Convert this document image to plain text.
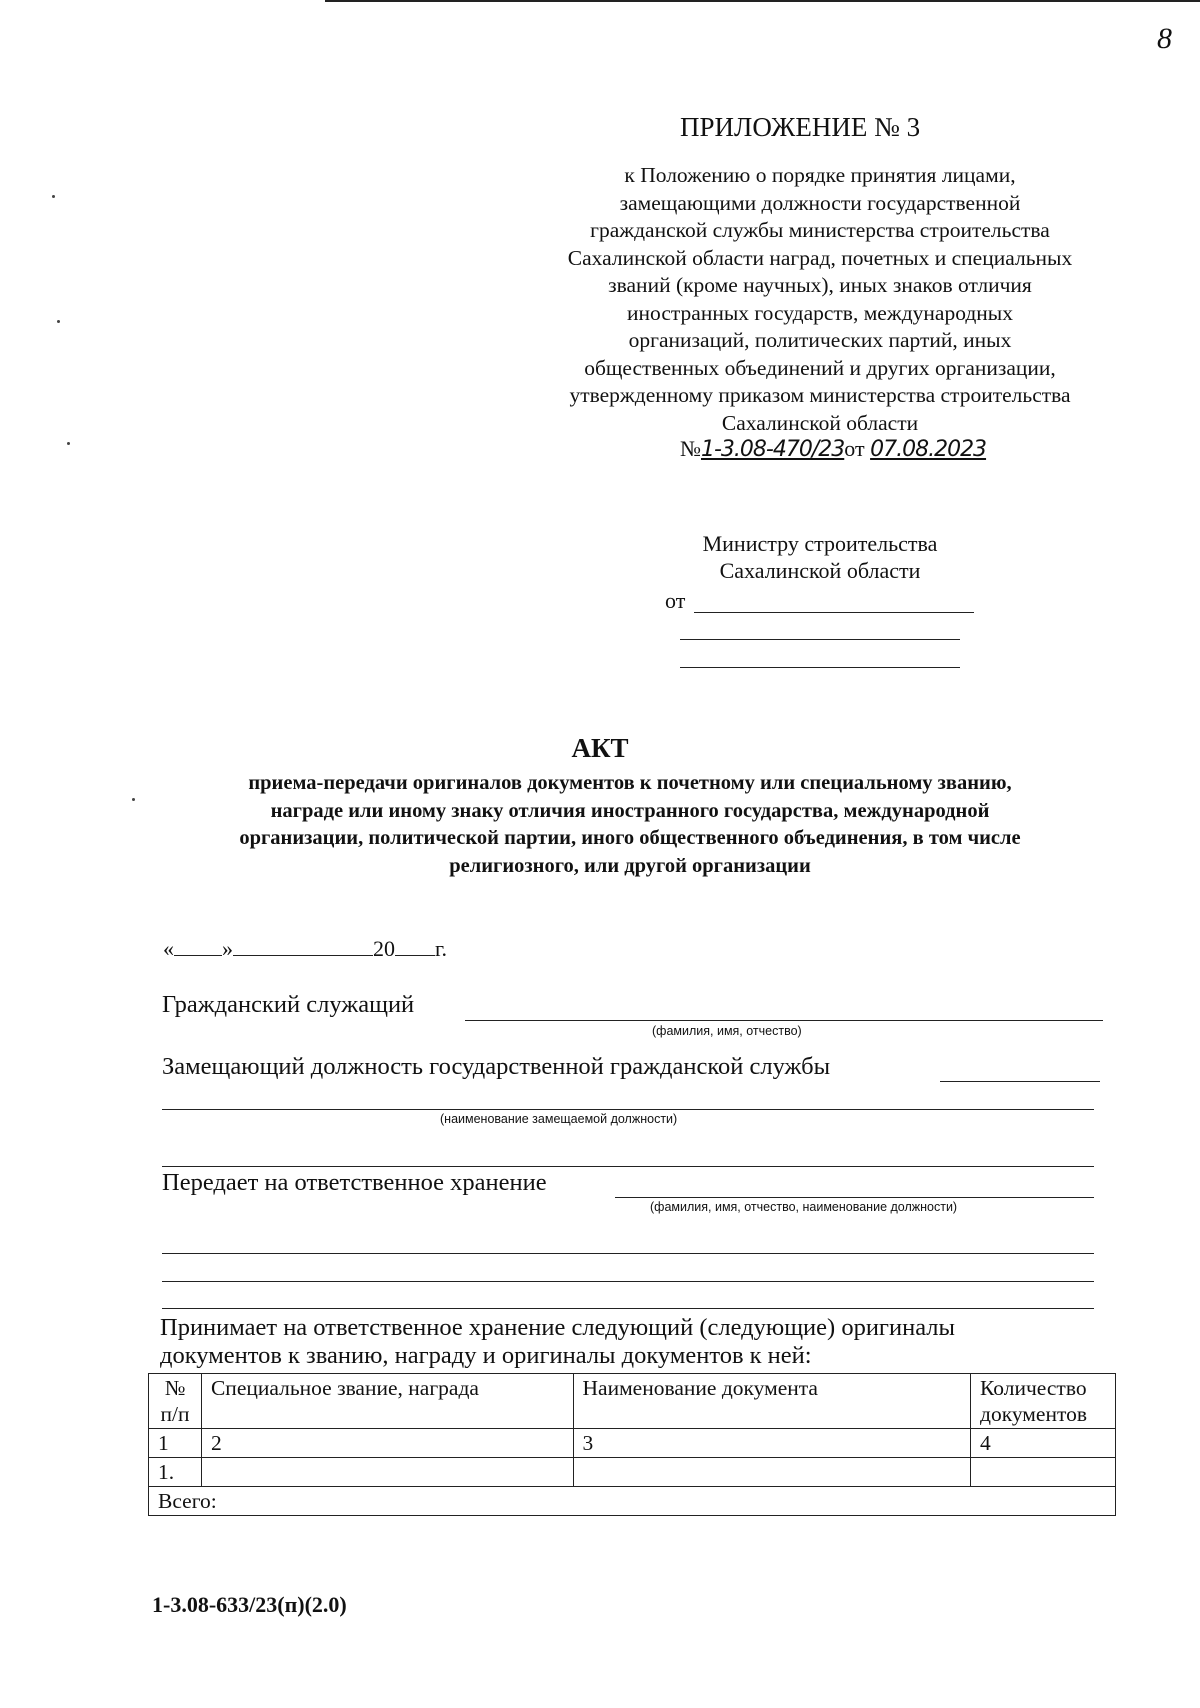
8
ПРИЛОЖЕНИЕ № 3
к Положению о порядке принятия лицами,
замещающими должности государственной
гражданской службы министерства строительства
Сахалинской области наград, почетных и специальных
званий (кроме научных), иных знаков отличия
иностранных государств, международных
организаций, политических партий, иных
общественных объединений и других организации,
утвержденному приказом министерства строительства
Сахалинской области
№1-3.08-470/23от 07.08.2023
Министру строительства
Сахалинской области
от
АКТ
приема-передачи оригиналов документов к почетному или специальному званию,
награде или иному знаку отличия иностранного государства, международной
организации, политической партии, иного общественного объединения, в том числе
религиозного, или другой организации
« »	20 г.
Гражданский служащий
(фамилия, имя, отчество)
Замещающий должность государственной гражданской службы
(наименование замещаемой должности)
Передает на ответственное хранение
(фамилия, имя, отчество, наименование должности)
Принимает на ответственное хранение следующий (следующие) оригиналы
документов к званию, награду и оригиналы документов к ней:
№
п/п	Специальное звание, награда	Наименование документа	Количество
документов
1	2	3	4
1.			
Всего:			
1-3.08-633/23(п)(2.0)
